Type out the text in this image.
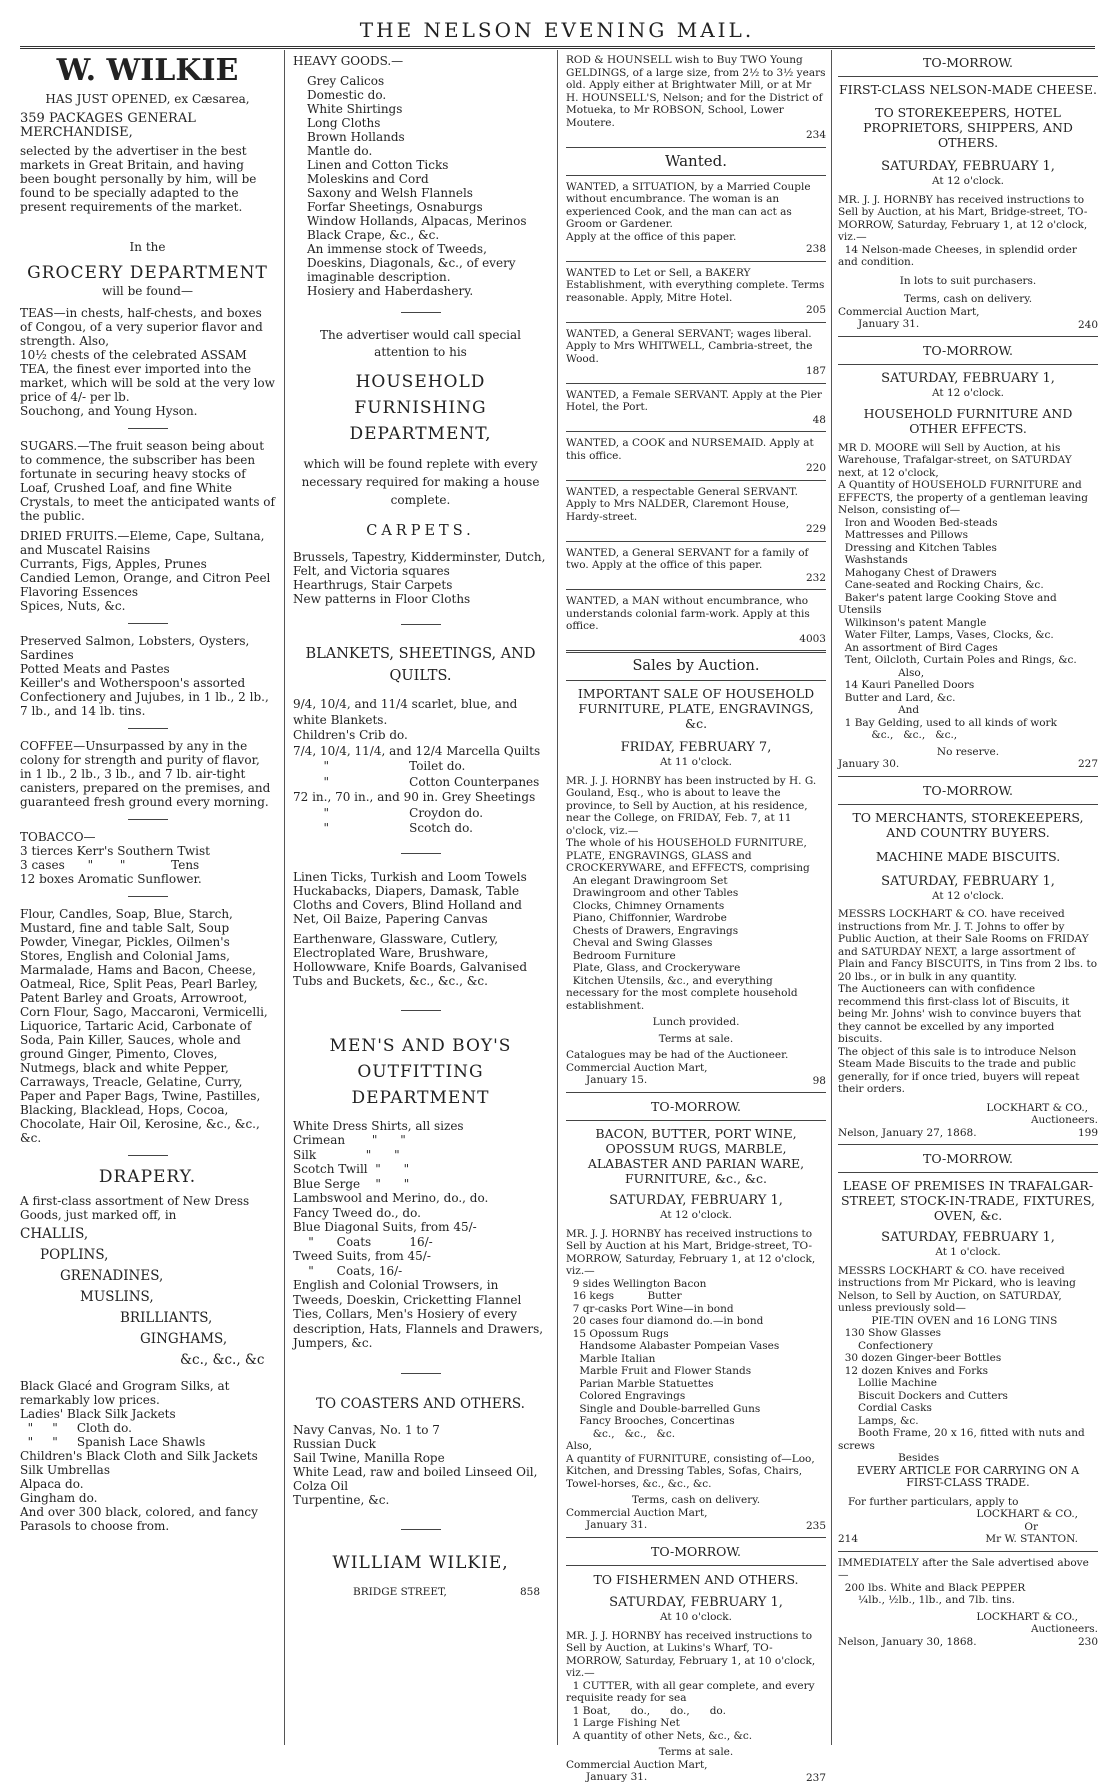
THE NELSON EVENING MAIL.

W. WILKIE

HAS JUST OPENED, ex Cæsarea,

359 PACKAGES GENERAL MERCHANDISE,

selected by the advertiser in the best markets in Great Britain, and having been bought personally by him, will be found to be specially adapted to the present requirements of the market.

In the

GROCERY DEPARTMENT

will be found—

TEAS—in chests, half-chests, and boxes of Congou, of a very superior flavor and strength. Also,
10½ chests of the celebrated ASSAM TEA, the finest ever imported into the market, which will be sold at the very low price of 4/- per lb.
Souchong, and Young Hyson.

SUGARS.—The fruit season being about to commence, the subscriber has been fortunate in securing heavy stocks of Loaf, Crushed Loaf, and fine White Crystals, to meet the anticipated wants of the public.

DRIED FRUITS.—Eleme, Cape, Sultana, and Muscatel Raisins
Currants, Figs, Apples, Prunes
Candied Lemon, Orange, and Citron Peel
Flavoring Essences
Spices, Nuts, &c.

Preserved Salmon, Lobsters, Oysters, Sardines
Potted Meats and Pastes
Keiller's and Wotherspoon's assorted Confectionery and Jujubes, in 1 lb., 2 lb., 7 lb., and 14 lb. tins.

COFFEE—Unsurpassed by any in the colony for strength and purity of flavor, in 1 lb., 2 lb., 3 lb., and 7 lb. air-tight canisters, prepared on the premises, and guaranteed fresh ground every morning.

TOBACCO—
3 tierces Kerr's Southern Twist
3 cases      "       "            Tens
12 boxes Aromatic Sunflower.

Flour, Candles, Soap, Blue, Starch, Mustard, fine and table Salt, Soup Powder, Vinegar, Pickles, Oilmen's Stores, English and Colonial Jams, Marmalade, Hams and Bacon, Cheese, Oatmeal, Rice, Split Peas, Pearl Barley, Patent Barley and Groats, Arrowroot, Corn Flour, Sago, Maccaroni, Vermicelli, Liquorice, Tartaric Acid, Carbonate of Soda, Pain Killer, Sauces, whole and ground Ginger, Pimento, Cloves, Nutmegs, black and white Pepper, Carraways, Treacle, Gelatine, Curry, Paper and Paper Bags, Twine, Pastilles, Blacking, Blacklead, Hops, Cocoa, Chocolate, Hair Oil, Kerosine, &c., &c., &c.

DRAPERY.

A first-class assortment of New Dress Goods, just marked off, in

CHALLIS,

POPLINS,

GRENADINES,

MUSLINS,

BRILLIANTS,

GINGHAMS,

&c., &c., &c

Black Glacé and Grogram Silks, at remarkably low prices.
Ladies' Black Silk Jackets
"     "     Cloth do.
"     "     Spanish Lace Shawls
Children's Black Cloth and Silk Jackets
Silk Umbrellas
Alpaca do.
Gingham do.
And over 300 black, colored, and fancy Parasols to choose from.

HEAVY GOODS.—

Grey Calicos
Domestic do.
White Shirtings
Long Cloths
Brown Hollands
Mantle do.
Linen and Cotton Ticks
Moleskins and Cord
Saxony and Welsh Flannels
Forfar Sheetings, Osnaburgs
Window Hollands, Alpacas, Merinos
Black Crape, &c., &c.
An immense stock of Tweeds, Doeskins, Diagonals, &c., of every imaginable description.
Hosiery and Haberdashery.

The advertiser would call special attention to his

HOUSEHOLD FURNISHING DEPARTMENT,

which will be found replete with every necessary required for making a house complete.

CARPETS.

Brussels, Tapestry, Kidderminster, Dutch, Felt, and Victoria squares
Hearthrugs, Stair Carpets
New patterns in Floor Cloths

BLANKETS, SHEETINGS, AND QUILTS.

9/4, 10/4, and 11/4 scarlet, blue, and white Blankets.
Children's Crib do.
7/4, 10/4, 11/4, and 12/4 Marcella Quilts
"                     Toilet do.
"                     Cotton Counterpanes
72 in., 70 in., and 90 in. Grey Sheetings
"                     Croydon do.
"                     Scotch do.

Linen Ticks, Turkish and Loom Towels
Huckabacks, Diapers, Damask, Table Cloths and Covers, Blind Holland and Net, Oil Baize, Papering Canvas

Earthenware, Glassware, Cutlery, Electroplated Ware, Brushware, Hollowware, Knife Boards, Galvanised Tubs and Buckets, &c., &c., &c.

MEN'S AND BOY'S OUTFITTING DEPARTMENT

White Dress Shirts, all sizes
Crimean       "      "
Silk             "      "
Scotch Twill  "      "
Blue Serge    "      "
Lambswool and Merino, do., do.
Fancy Tweed do., do.
Blue Diagonal Suits, from 45/-
"      Coats          16/-
Tweed Suits, from 45/-
"      Coats, 16/-
English and Colonial Trowsers, in Tweeds, Doeskin, Cricketting Flannel
Ties, Collars, Men's Hosiery of every description, Hats, Flannels and Drawers, Jumpers, &c.

TO COASTERS AND OTHERS.

Navy Canvas, No. 1 to 7
Russian Duck
Sail Twine, Manilla Rope
White Lead, raw and boiled Linseed Oil, Colza Oil
Turpentine, &c.

WILLIAM WILKIE,

BRIDGE STREET,	858

ROD & HOUNSELL wish to Buy TWO Young GELDINGS, of a large size, from 2½ to 3½ years old. Apply either at Brightwater Mill, or at Mr H. HOUNSELL'S, Nelson; and for the District of Motueka, to Mr ROBSON, School, Lower Moutere.

234

Wanted.

WANTED, a SITUATION, by a Married Couple without encumbrance. The woman is an experienced Cook, and the man can act as Groom or Gardener.
Apply at the office of this paper.

238

WANTED to Let or Sell, a BAKERY Establishment, with everything complete. Terms reasonable. Apply, Mitre Hotel.

205

WANTED, a General SERVANT; wages liberal. Apply to Mrs WHITWELL, Cambria-street, the Wood.

187

WANTED, a Female SERVANT. Apply at the Pier Hotel, the Port.

48

WANTED, a COOK and NURSEMAID. Apply at this office.

220

WANTED, a respectable General SERVANT. Apply to Mrs NALDER, Claremont House, Hardy-street.

229

WANTED, a General SERVANT for a family of two. Apply at the office of this paper.

232

WANTED, a MAN without encumbrance, who understands colonial farm-work. Apply at this office.

4003

Sales by Auction.

IMPORTANT SALE OF HOUSEHOLD FURNITURE, PLATE, ENGRAVINGS, &c.

FRIDAY, FEBRUARY 7,

At 11 o'clock.

MR. J. J. HORNBY has been instructed by H. G. Gouland, Esq., who is about to leave the province, to Sell by Auction, at his residence, near the College, on FRIDAY, Feb. 7, at 11 o'clock, viz.—
The whole of his HOUSEHOLD FURNITURE, PLATE, ENGRAVINGS, GLASS and CROCKERYWARE, and EFFECTS, comprising
An elegant Drawingroom Set
Drawingroom and other Tables
Clocks, Chimney Ornaments
Piano, Chiffonnier, Wardrobe
Chests of Drawers, Engravings
Cheval and Swing Glasses
Bedroom Furniture
Plate, Glass, and Crockeryware
Kitchen Utensils, &c., and everything necessary for the most complete household establishment.

Lunch provided.

Terms at sale.

Catalogues may be had of the Auctioneer.
Commercial Auction Mart,
January 15.	98

TO-MORROW.

BACON, BUTTER, PORT WINE, OPOSSUM RUGS, MARBLE, ALABASTER AND PARIAN WARE, FURNITURE, &c., &c.

SATURDAY, FEBRUARY 1,

At 12 o'clock.

MR. J. J. HORNBY has received instructions to Sell by Auction at his Mart, Bridge-street, TO-MORROW, Saturday, February 1, at 12 o'clock, viz.—
9 sides Wellington Bacon
16 kegs          Butter
7 qr-casks Port Wine—in bond
20 cases four diamond do.—in bond
15 Opossum Rugs
Handsome Alabaster Pompeian Vases
Marble Italian
Marble Fruit and Flower Stands
Parian Marble Statuettes
Colored Engravings
Single and Double-barrelled Guns
Fancy Brooches, Concertinas
&c.,   &c.,   &c.
Also,
A quantity of FURNITURE, consisting of—Loo, Kitchen, and Dressing Tables, Sofas, Chairs, Towel-horses, &c., &c., &c.

Terms, cash on delivery.

Commercial Auction Mart,
January 31.	235

TO-MORROW.

TO FISHERMEN AND OTHERS.

SATURDAY, FEBRUARY 1,

At 10 o'clock.

MR. J. J. HORNBY has received instructions to Sell by Auction, at Lukins's Wharf, TO-MORROW, Saturday, February 1, at 10 o'clock, viz.—
1 CUTTER, with all gear complete, and every requisite ready for sea
1 Boat,      do.,      do.,      do.
1 Large Fishing Net
A quantity of other Nets, &c., &c.

Terms at sale.

Commercial Auction Mart,
January 31.	237

TO-MORROW.

FIRST-CLASS NELSON-MADE CHEESE.

TO STOREKEEPERS, HOTEL PROPRIETORS, SHIPPERS, AND OTHERS.

SATURDAY, FEBRUARY 1,

At 12 o'clock.

MR. J. J. HORNBY has received instructions to Sell by Auction, at his Mart, Bridge-street, TO-MORROW, Saturday, February 1, at 12 o'clock, viz.—
14 Nelson-made Cheeses, in splendid order and condition.

In lots to suit purchasers.

Terms, cash on delivery.

Commercial Auction Mart,
January 31.	240

TO-MORROW.

SATURDAY, FEBRUARY 1,

At 12 o'clock.

HOUSEHOLD FURNITURE AND OTHER EFFECTS.

MR D. MOORE will Sell by Auction, at his Warehouse, Trafalgar-street, on SATURDAY next, at 12 o'clock,
A Quantity of HOUSEHOLD FURNITURE and EFFECTS, the property of a gentleman leaving Nelson, consisting of—
Iron and Wooden Bed-steads
Mattresses and Pillows
Dressing and Kitchen Tables
Washstands
Mahogany Chest of Drawers
Cane-seated and Rocking Chairs, &c.
Baker's patent large Cooking Stove and Utensils
Wilkinson's patent Mangle
Water Filter, Lamps, Vases, Clocks, &c.
An assortment of Bird Cages
Tent, Oilcloth, Curtain Poles and Rings, &c.
Also,
14 Kauri Panelled Doors
Butter and Lard, &c.
And
1 Bay Gelding, used to all kinds of work
&c.,   &c.,   &c.,

No reserve.

January 30.	227

TO-MORROW.

TO MERCHANTS, STOREKEEPERS, AND COUNTRY BUYERS.

MACHINE MADE BISCUITS.

SATURDAY, FEBRUARY 1,

At 12 o'clock.

MESSRS LOCKHART & CO. have received instructions from Mr. J. T. Johns to offer by Public Auction, at their Sale Rooms on FRIDAY and SATURDAY NEXT, a large assortment of Plain and Fancy BISCUITS, in Tins from 2 lbs. to 20 lbs., or in bulk in any quantity.
The Auctioneers can with confidence recommend this first-class lot of Biscuits, it being Mr. Johns' wish to convince buyers that they cannot be excelled by any imported biscuits.
The object of this sale is to introduce Nelson Steam Made Biscuits to the trade and public generally, for if once tried, buyers will repeat their orders.

LOCKHART & CO.,

Auctioneers.

Nelson, January 27, 1868.	199

TO-MORROW.

LEASE OF PREMISES IN TRAFALGAR-STREET, STOCK-IN-TRADE, FIXTURES, OVEN, &c.

SATURDAY, FEBRUARY 1,

At 1 o'clock.

MESSRS LOCKHART & CO. have received instructions from Mr Pickard, who is leaving Nelson, to Sell by Auction, on SATURDAY, unless previously sold—
PIE-TIN OVEN and 16 LONG TINS
130 Show Glasses
Confectionery
30 dozen Ginger-beer Bottles
12 dozen Knives and Forks
Lollie Machine
Biscuit Dockers and Cutters
Cordial Casks
Lamps, &c.
Booth Frame, 20 x 16, fitted with nuts and screws
Besides

EVERY ARTICLE FOR CARRYING ON A FIRST-CLASS TRADE.

For further particulars, apply to

LOCKHART & CO.,

Or

214	Mr W. STANTON.

IMMEDIATELY after the Sale advertised above—
200 lbs. White and Black PEPPER
¼lb., ½lb., 1lb., and 7lb. tins.

LOCKHART & CO.,

Auctioneers.

Nelson, January 30, 1868.	230
